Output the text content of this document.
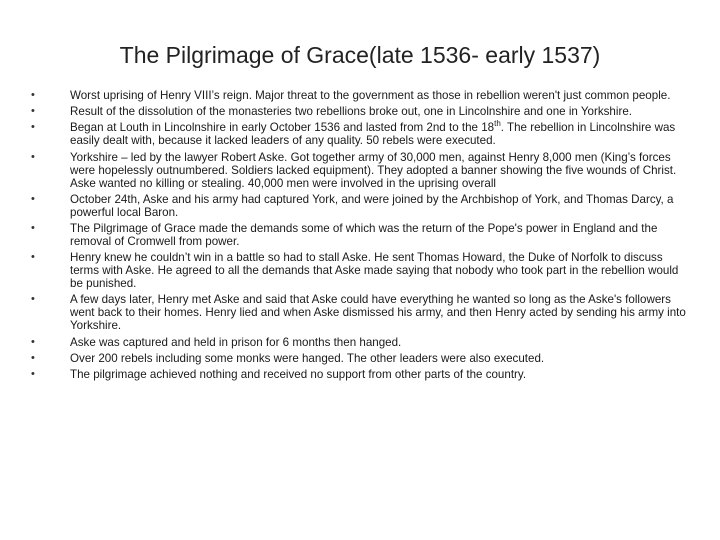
The Pilgrimage of Grace(late 1536- early 1537)
•	Worst uprising of Henry VIII’s reign. Major threat to the government as those in rebellion weren't just common people.
•	Result of the dissolution of the monasteries two rebellions broke out, one in Lincolnshire and one in Yorkshire.
•	Began at Louth in Lincolnshire in early October 1536 and lasted from 2nd to the 18th. The rebellion in Lincolnshire was easily dealt with, because it lacked leaders of any quality. 50 rebels were executed.
•	Yorkshire – led by the lawyer Robert Aske. Got together army of 30,000 men, against Henry 8,000 men (King’s forces were hopelessly outnumbered. Soldiers lacked equipment). They adopted a banner showing the five wounds of Christ. Aske wanted no killing or stealing. 40,000 men were involved in the uprising overall
•	October 24th, Aske and his army had captured York, and were joined by the Archbishop of York, and Thomas Darcy, a powerful local Baron.
•	The Pilgrimage of Grace made the demands some of which was the return of the Pope's power in England and the removal of Cromwell from power.
•	Henry knew he couldn’t win in a battle so had to stall Aske. He sent Thomas Howard, the Duke of Norfolk to discuss terms with Aske. He agreed to all the demands that Aske made saying that nobody who took part in the rebellion would be punished.
•	A few days later, Henry met Aske and said that Aske could have everything he wanted so long as the Aske's followers went back to their homes. Henry lied and when Aske dismissed his army, and then Henry acted by sending his army into Yorkshire.
•	Aske was captured and held in prison for 6 months then hanged.
•	Over 200 rebels including some monks were hanged. The other leaders were also executed.
•	The pilgrimage achieved nothing and received no support from other parts of the country.
